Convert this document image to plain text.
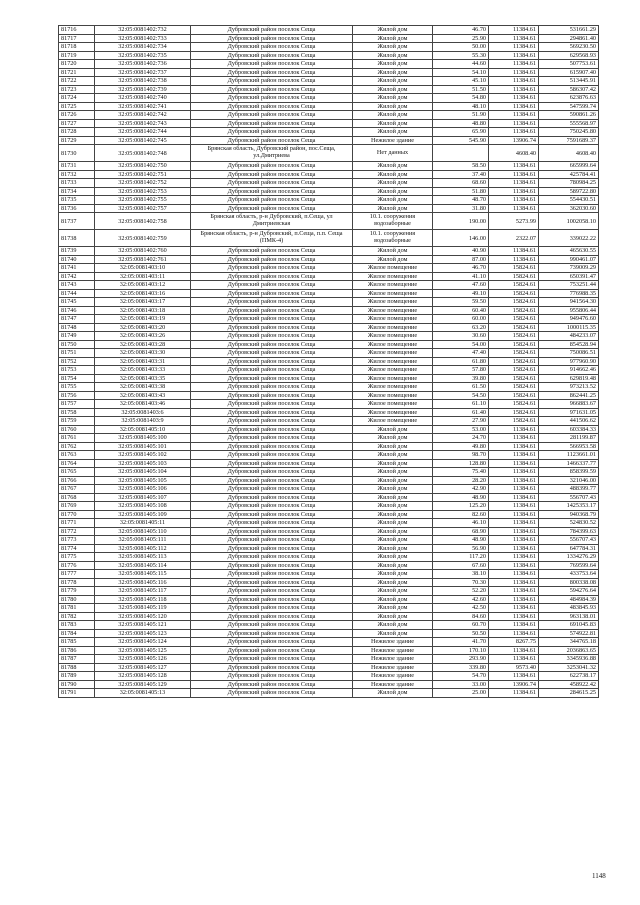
81716	32:05:0081402:732	Дубровский район поселок Сеща	Жилой дом	46.70	11384.61	531661.29
81717	32:05:0081402:733	Дубровский район поселок Сеща	Жилой дом	25.90	11384.61	294861.40
81718	32:05:0081402:734	Дубровский район поселок Сеща	Жилой дом	50.00	11384.61	569230.50
81719	32:05:0081402:735	Дубровский район поселок Сеща	Жилой дом	55.30	11384.61	629568.93
81720	32:05:0081402:736	Дубровский район поселок Сеща	Жилой дом	44.60	11384.61	507753.61
81721	32:05:0081402:737	Дубровский район поселок Сеща	Жилой дом	54.10	11384.61	615907.40
81722	32:05:0081402:738	Дубровский район поселок Сеща	Жилой дом	45.10	11384.61	513445.91
81723	32:05:0081402:739	Дубровский район поселок Сеща	Жилой дом	51.50	11384.61	586307.42
81724	32:05:0081402:740	Дубровский район поселок Сеща	Жилой дом	54.80	11384.61	623876.63
81725	32:05:0081402:741	Дубровский район поселок Сеща	Жилой дом	48.10	11384.61	547599.74
81726	32:05:0081402:742	Дубровский район поселок Сеща	Жилой дом	51.90	11384.61	590861.26
81727	32:05:0081402:743	Дубровский район поселок Сеща	Жилой дом	48.80	11384.61	555568.97
81728	32:05:0081402:744	Дубровский район поселок Сеща	Жилой дом	65.90	11384.61	750245.80
81729	32:05:0081402:745	Дубровский район поселок Сеща	Нежилое здание	545.90	13906.74	7591689.37
81730	32:05:0081402:748	Брянская область, Дубровский район, пос.Сеща, ул.Дмитриева	Нет данных		4608.40	4608.40
81731	32:05:0081402:750	Дубровский район поселок Сеща	Жилой дом	58.50	11384.61	665999.64
81732	32:05:0081402:751	Дубровский район поселок Сеща	Жилой дом	37.40	11384.61	425784.41
81733	32:05:0081402:752	Дубровский район поселок Сеща	Жилой дом	68.60	11384.61	780984.25
81734	32:05:0081402:753	Дубровский район поселок Сеща	Жилой дом	51.80	11384.61	589722.80
81735	32:05:0081402:755	Дубровский район поселок Сеща	Жилой дом	48.70	11384.61	554430.51
81736	32:05:0081402:757	Дубровский район поселок Сеща	Жилой дом	31.80	11384.61	362030.60
81737	32:05:0081402:758	Брянская область, р-н Дубровский, п.Сеща, ул Дмитриевская	10.1. сооружения водозаборные	190.00	5273.99	1002058.10
81738	32:05:0081402:759	Брянская область, р-н Дубровский, п.Сеща, п.п. Сеща (ПМК-4)	10.1. сооружения водозаборные	146.00	2322.07	339022.22
81739	32:05:0081402:760	Дубровский район поселок Сеща	Жилой дом	40.90	11384.61	465630.55
81740	32:05:0081402:761	Дубровский район поселок Сеща	Жилой дом	87.00	11384.61	990461.07
81741	32:05:0081403:10	Дубровский район поселок Сеща	Жилое помещение	46.70	15824.61	739009.29
81742	32:05:0081403:11	Дубровский район поселок Сеща	Жилое помещение	41.10	15824.61	650391.47
81743	32:05:0081403:12	Дубровский район поселок Сеща	Жилое помещение	47.60	15824.61	753251.44
81744	32:05:0081403:16	Дубровский район поселок Сеща	Жилое помещение	49.10	15824.61	776988.35
81745	32:05:0081403:17	Дубровский район поселок Сеща	Жилое помещение	59.50	15824.61	941564.30
81746	32:05:0081403:18	Дубровский район поселок Сеща	Жилое помещение	60.40	15824.61	955806.44
81747	32:05:0081403:19	Дубровский район поселок Сеща	Жилое помещение	60.00	15824.61	949476.60
81748	32:05:0081403:20	Дубровский район поселок Сеща	Жилое помещение	63.20	15824.61	1000115.35
81749	32:05:0081403:26	Дубровский район поселок Сеща	Жилое помещение	30.60	15824.61	484233.07
81750	32:05:0081403:28	Дубровский район поселок Сеща	Жилое помещение	54.00	15824.61	854528.94
81751	32:05:0081403:30	Дубровский район поселок Сеща	Жилое помещение	47.40	15824.61	750086.51
81752	32:05:0081403:31	Дубровский район поселок Сеща	Жилое помещение	61.80	15824.61	977960.90
81753	32:05:0081403:33	Дубровский район поселок Сеща	Жилое помещение	57.80	15824.61	914662.46
81754	32:05:0081403:35	Дубровский район поселок Сеща	Жилое помещение	39.80	15824.61	629819.48
81755	32:05:0081403:38	Дубровский район поселок Сеща	Жилое помещение	61.50	15824.61	973213.52
81756	32:05:0081403:43	Дубровский район поселок Сеща	Жилое помещение	54.50	15824.61	862441.25
81757	32:05:0081403:46	Дубровский район поселок Сеща	Жилое помещение	61.10	15824.61	966883.67
81758	32:05:0081403:6	Дубровский район поселок Сеща	Жилое помещение	61.40	15824.61	971631.05
81759	32:05:0081403:9	Дубровский район поселок Сеща	Жилое помещение	27.90	15824.61	441506.62
81760	32:05:0081405:10	Дубровский район поселок Сеща	Жилой дом	53.00	11384.61	603384.33
81761	32:05:0081405:100	Дубровский район поселок Сеща	Жилой дом	24.70	11384.61	281199.87
81762	32:05:0081405:101	Дубровский район поселок Сеща	Жилой дом	49.80	11384.61	566953.58
81763	32:05:0081405:102	Дубровский район поселок Сеща	Жилой дом	98.70	11384.61	1123661.01
81764	32:05:0081405:103	Дубровский район поселок Сеща	Жилой дом	128.80	11384.61	1466337.77
81765	32:05:0081405:104	Дубровский район поселок Сеща	Жилой дом	75.40	11384.61	858399.59
81766	32:05:0081405:105	Дубровский район поселок Сеща	Жилой дом	28.20	11384.61	321046.00
81767	32:05:0081405:106	Дубровский район поселок Сеща	Жилой дом	42.90	11384.61	488399.77
81768	32:05:0081405:107	Дубровский район поселок Сеща	Жилой дом	48.90	11384.61	556707.43
81769	32:05:0081405:108	Дубровский район поселок Сеща	Жилой дом	125.20	11384.61	1425353.17
81770	32:05:0081405:109	Дубровский район поселок Сеща	Жилой дом	82.60	11384.61	940368.79
81771	32:05:0081405:11	Дубровский район поселок Сеща	Жилой дом	46.10	11384.61	524830.52
81772	32:05:0081405:110	Дубровский район поселок Сеща	Жилой дом	68.90	11384.61	784399.63
81773	32:05:0081405:111	Дубровский район поселок Сеща	Жилой дом	48.90	11384.61	556707.43
81774	32:05:0081405:112	Дубровский район поселок Сеща	Жилой дом	56.90	11384.61	647784.31
81775	32:05:0081405:113	Дубровский район поселок Сеща	Жилой дом	117.20	11384.61	1334276.29
81776	32:05:0081405:114	Дубровский район поселок Сеща	Жилой дом	67.60	11384.61	769599.64
81777	32:05:0081405:115	Дубровский район поселок Сеща	Жилой дом	38.10	11384.61	433753.64
81778	32:05:0081405:116	Дубровский район поселок Сеща	Жилой дом	70.30	11384.61	800338.08
81779	32:05:0081405:117	Дубровский район поселок Сеща	Жилой дом	52.20	11384.61	594276.64
81780	32:05:0081405:118	Дубровский район поселок Сеща	Жилой дом	42.60	11384.61	484984.39
81781	32:05:0081405:119	Дубровский район поселок Сеща	Жилой дом	42.50	11384.61	483845.93
81782	32:05:0081405:120	Дубровский район поселок Сеща	Жилой дом	84.60	11384.61	963138.01
81783	32:05:0081405:121	Дубровский район поселок Сеща	Жилой дом	60.70	11384.61	691045.83
81784	32:05:0081405:123	Дубровский район поселок Сеща	Жилой дом	50.50	11384.61	574922.81
81785	32:05:0081405:124	Дубровский район поселок Сеща	Нежилое здание	41.70	8267.75	344765.18
81786	32:05:0081405:125	Дубровский район поселок Сеща	Нежилое здание	170.10	11384.61	2036863.65
81787	32:05:0081405:126	Дубровский район поселок Сеща	Нежилое здание	293.90	11384.61	3345936.88
81788	32:05:0081405:127	Дубровский район поселок Сеща	Нежилое здание	339.80	9573.40	3253041.32
81789	32:05:0081405:128	Дубровский район поселок Сеща	Нежилое здание	54.70	11384.61	622738.17
81790	32:05:0081405:129	Дубровский район поселок Сеща	Нежилое здание	33.00	13906.74	458922.42
81791	32:05:0081405:13	Дубровский район поселок Сеща	Жилой дом	25.00	11384.61	284615.25
1148
